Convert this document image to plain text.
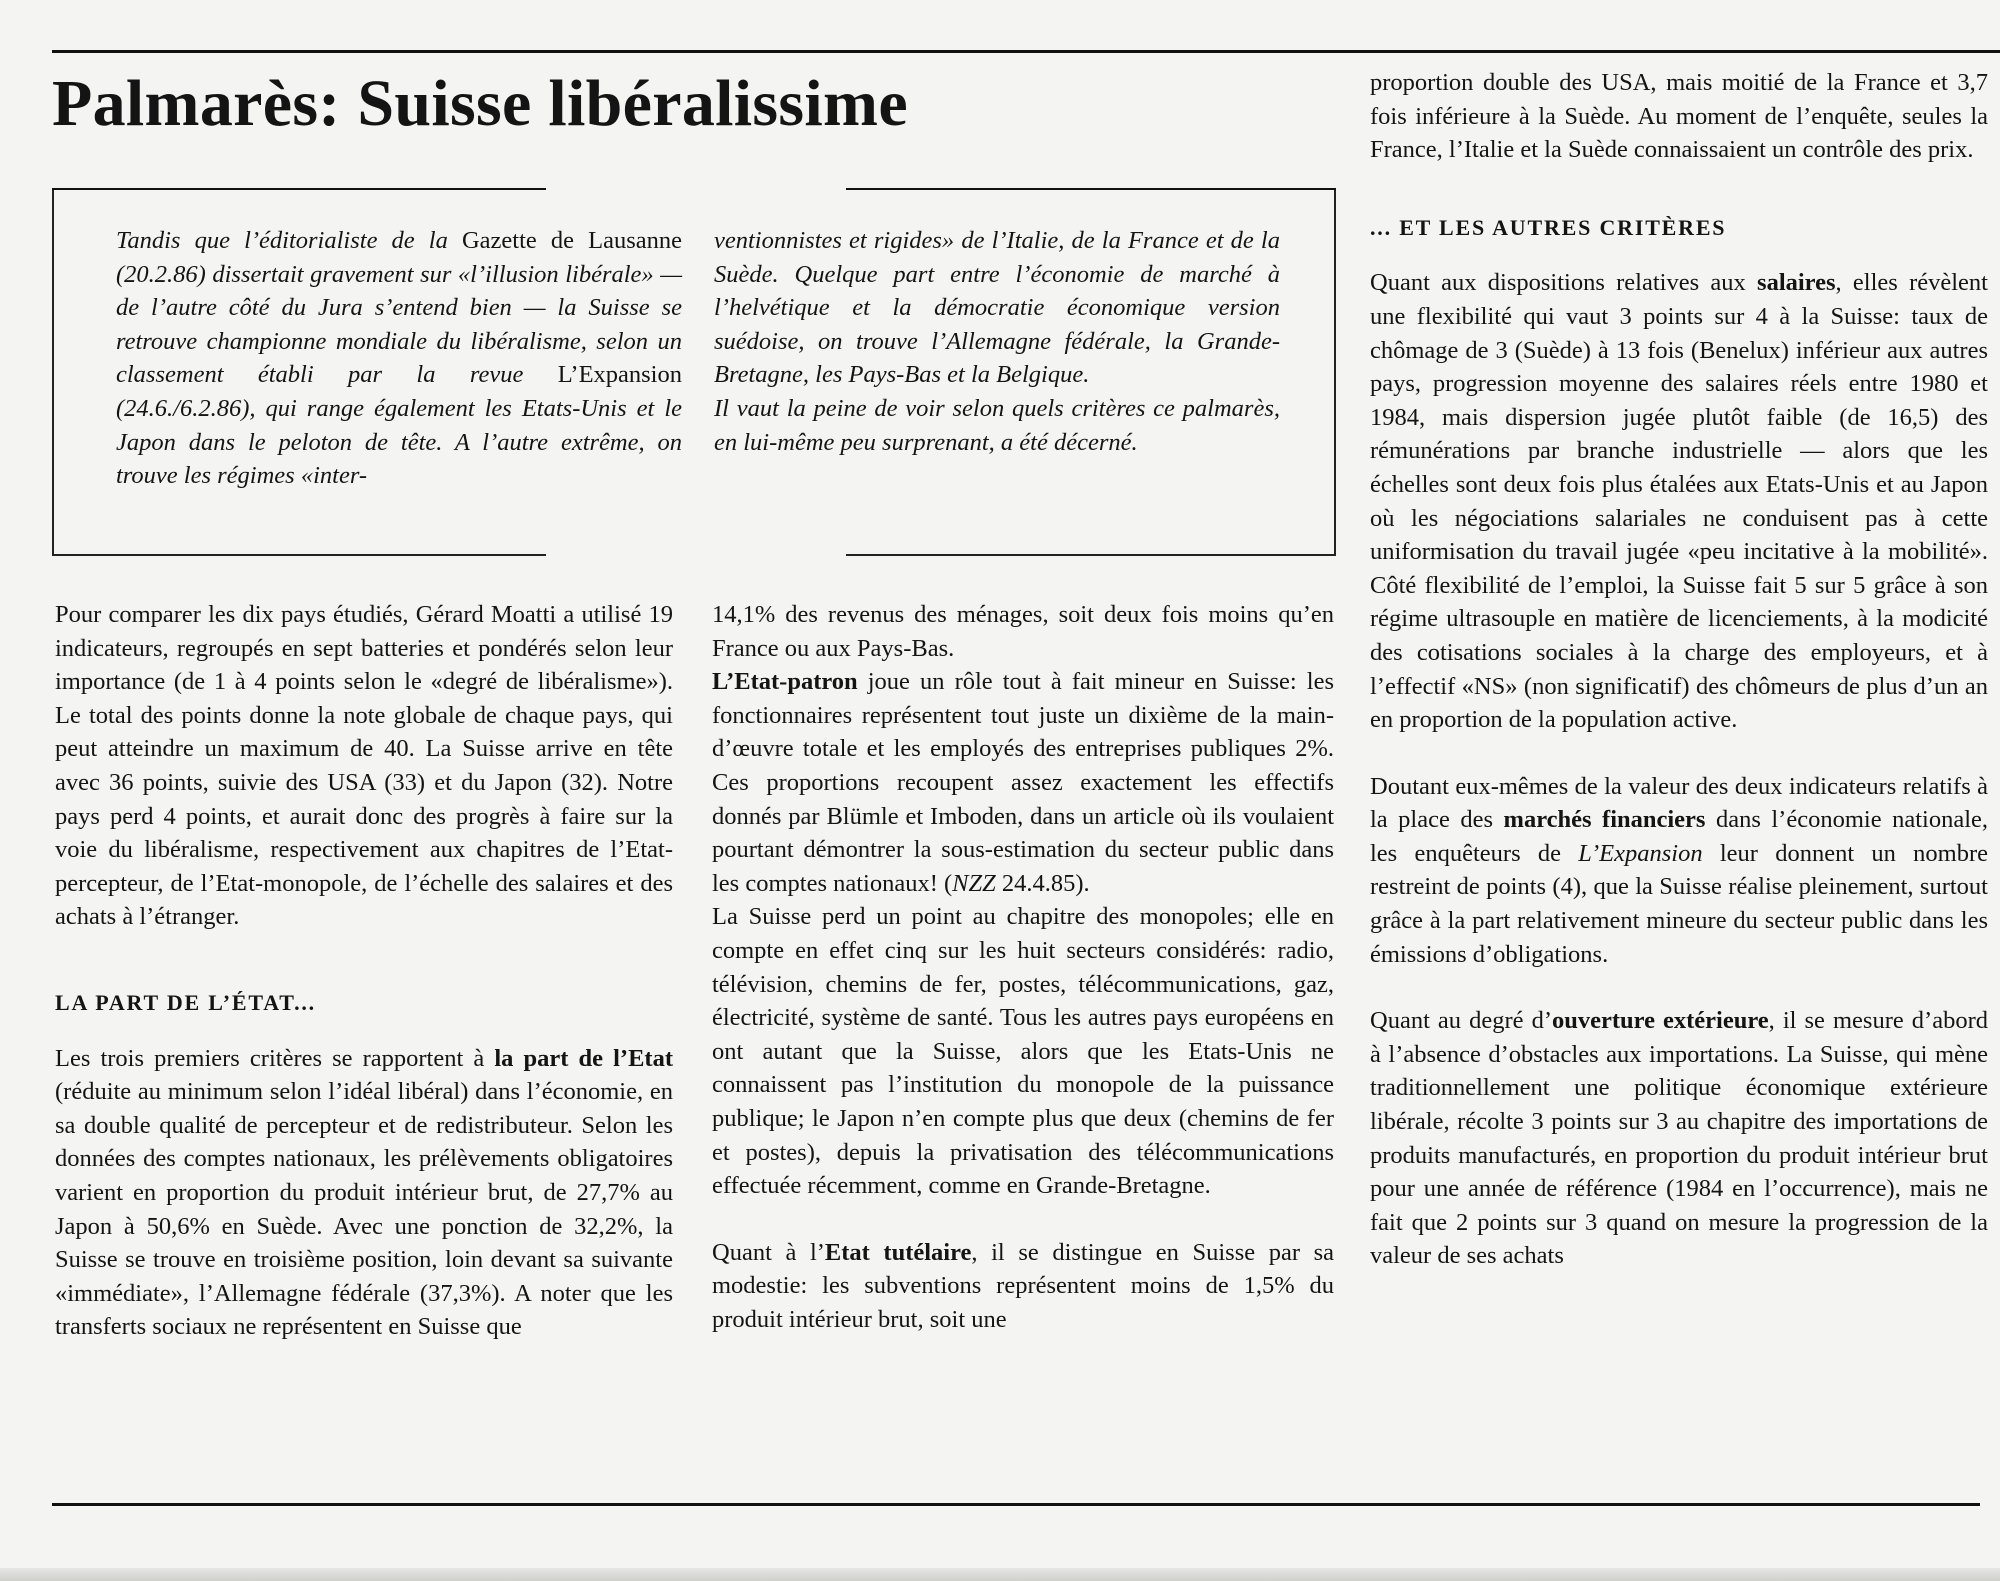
Palmarès: Suisse libéralissime

Tandis que l’éditorialiste de la Gazette de Lausanne (20.2.86) dissertait gravement sur «l’illusion libérale» — de l’autre côté du Jura s’entend bien — la Suisse se retrouve championne mondiale du libéralisme, selon un classement établi par la revue L’Expansion (24.6./6.2.86), qui range également les Etats-Unis et le Japon dans le peloton de tête. A l’autre extrême, on trouve les régimes «inter-

ventionnistes et rigides» de l’Italie, de la France et de la Suède. Quelque part entre l’économie de marché à l’helvétique et la démocratie économique version suédoise, on trouve l’Allemagne fédérale, la Grande-Bretagne, les Pays-Bas et la Belgique.

Il vaut la peine de voir selon quels critères ce palmarès, en lui-même peu surprenant, a été décerné.

Pour comparer les dix pays étudiés, Gérard Moatti a utilisé 19 indicateurs, regroupés en sept batteries et pondérés selon leur importance (de 1 à 4 points selon le «degré de libéralisme»). Le total des points donne la note globale de chaque pays, qui peut atteindre un maximum de 40. La Suisse arrive en tête avec 36 points, suivie des USA (33) et du Japon (32). Notre pays perd 4 points, et aurait donc des progrès à faire sur la voie du libéralisme, respectivement aux chapitres de l’Etat-percepteur, de l’Etat-monopole, de l’échelle des salaires et des achats à l’étranger.

LA PART DE L’ÉTAT...

Les trois premiers critères se rapportent à la part de l’Etat (réduite au minimum selon l’idéal libéral) dans l’économie, en sa double qualité de percepteur et de redistributeur. Selon les données des comptes nationaux, les prélèvements obligatoires varient en proportion du produit intérieur brut, de 27,7% au Japon à 50,6% en Suède. Avec une ponction de 32,2%, la Suisse se trouve en troisième position, loin devant sa suivante «immédiate», l’Allemagne fédérale (37,3%). A noter que les transferts sociaux ne représentent en Suisse que

14,1% des revenus des ménages, soit deux fois moins qu’en France ou aux Pays-Bas.

L’Etat-patron joue un rôle tout à fait mineur en Suisse: les fonctionnaires représentent tout juste un dixième de la main-d’œuvre totale et les employés des entreprises publiques 2%. Ces proportions recoupent assez exactement les effectifs donnés par Blümle et Imboden, dans un article où ils voulaient pourtant démontrer la sous-estimation du secteur public dans les comptes nationaux! (NZZ 24.4.85).

La Suisse perd un point au chapitre des monopoles; elle en compte en effet cinq sur les huit secteurs considérés: radio, télévision, chemins de fer, postes, télécommunications, gaz, électricité, système de santé. Tous les autres pays européens en ont autant que la Suisse, alors que les Etats-Unis ne connaissent pas l’institution du monopole de la puissance publique; le Japon n’en compte plus que deux (chemins de fer et postes), depuis la privatisation des télécommunications effectuée récemment, comme en Grande-Bretagne.

Quant à l’Etat tutélaire, il se distingue en Suisse par sa modestie: les subventions représentent moins de 1,5% du produit intérieur brut, soit une

proportion double des USA, mais moitié de la France et 3,7 fois inférieure à la Suède. Au moment de l’enquête, seules la France, l’Italie et la Suède connaissaient un contrôle des prix.

... ET LES AUTRES CRITÈRES

Quant aux dispositions relatives aux salaires, elles révèlent une flexibilité qui vaut 3 points sur 4 à la Suisse: taux de chômage de 3 (Suède) à 13 fois (Benelux) inférieur aux autres pays, progression moyenne des salaires réels entre 1980 et 1984, mais dispersion jugée plutôt faible (de 16,5) des rémunérations par branche industrielle — alors que les échelles sont deux fois plus étalées aux Etats-Unis et au Japon où les négociations salariales ne conduisent pas à cette uniformisation du travail jugée «peu incitative à la mobilité». Côté flexibilité de l’emploi, la Suisse fait 5 sur 5 grâce à son régime ultrasouple en matière de licenciements, à la modicité des cotisations sociales à la charge des employeurs, et à l’effectif «NS» (non significatif) des chômeurs de plus d’un an en proportion de la population active.

Doutant eux-mêmes de la valeur des deux indicateurs relatifs à la place des marchés financiers dans l’économie nationale, les enquêteurs de L’Expansion leur donnent un nombre restreint de points (4), que la Suisse réalise pleinement, surtout grâce à la part relativement mineure du secteur public dans les émissions d’obligations.

Quant au degré d’ouverture extérieure, il se mesure d’abord à l’absence d’obstacles aux importations. La Suisse, qui mène traditionnellement une politique économique extérieure libérale, récolte 3 points sur 3 au chapitre des importations de produits manufacturés, en proportion du produit intérieur brut pour une année de référence (1984 en l’occurrence), mais ne fait que 2 points sur 3 quand on mesure la progression de la valeur de ses achats
